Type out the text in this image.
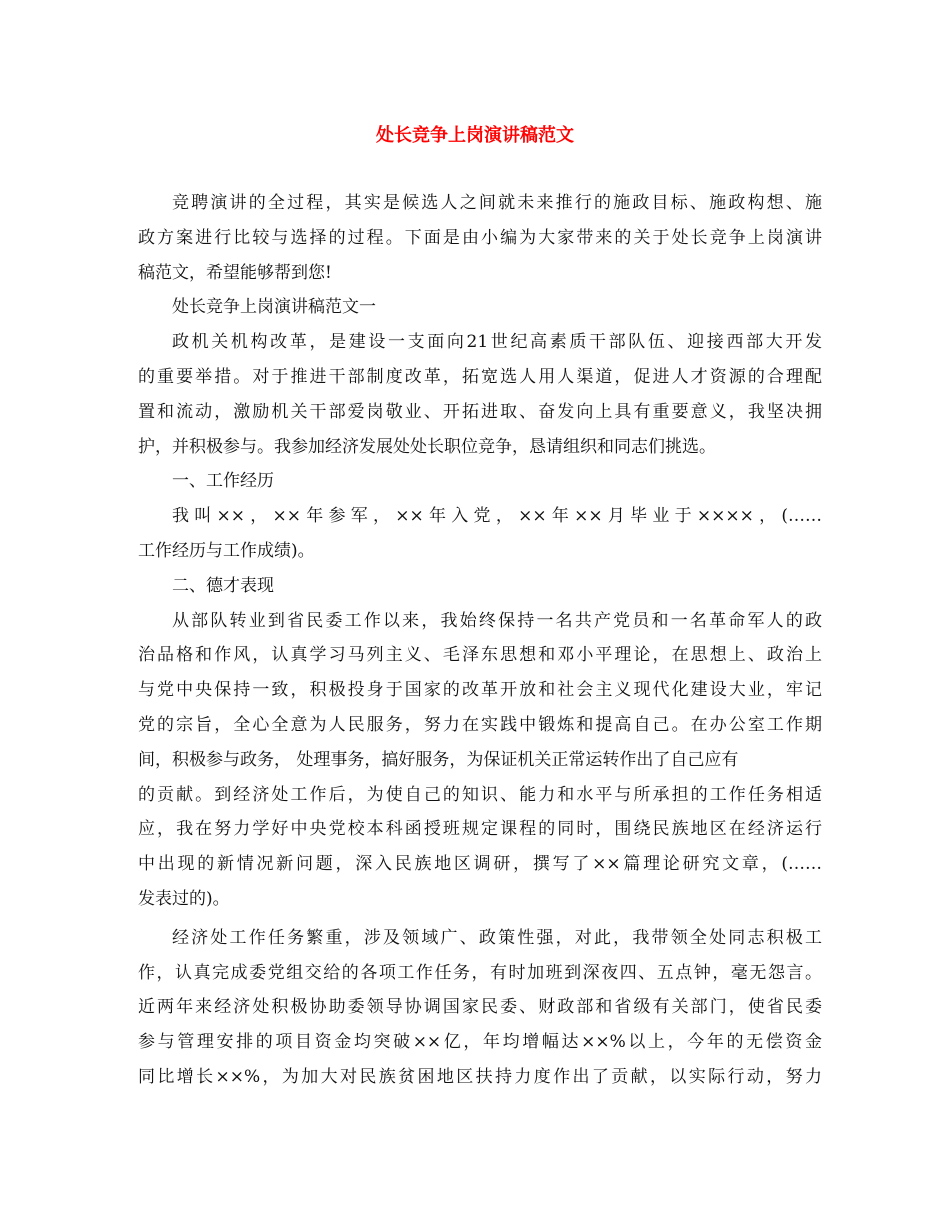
处长竞争上岗演讲稿范文
竞聘演讲的全过程，其实是候选人之间就未来推行的施政目标、施政构想、施
政方案进行比较与选择的过程。下面是由小编为大家带来的关于处长竞争上岗演讲
稿范文，希望能够帮到您!
处长竞争上岗演讲稿范文一
政机关机构改革，是建设一支面向21世纪高素质干部队伍、迎接西部大开发
的重要举措。对于推进干部制度改革，拓宽选人用人渠道，促进人才资源的合理配
置和流动，激励机关干部爱岗敬业、开拓进取、奋发向上具有重要意义，我坚决拥
护，并积极参与。我参加经济发展处处长职位竞争，恳请组织和同志们挑选。
一、工作经历
我叫××，××年参军，××年入党，××年××月毕业于××××，(……
工作经历与工作成绩)。
二、德才表现
从部队转业到省民委工作以来，我始终保持一名共产党员和一名革命军人的政
治品格和作风，认真学习马列主义、毛泽东思想和邓小平理论，在思想上、政治上
与党中央保持一致，积极投身于国家的改革开放和社会主义现代化建设大业，牢记
党的宗旨，全心全意为人民服务，努力在实践中锻炼和提高自己。在办公室工作期
间，积极参与政务， 处理事务，搞好服务，为保证机关正常运转作出了自己应有
的贡献。到经济处工作后，为使自己的知识、能力和水平与所承担的工作任务相适
应，我在努力学好中央党校本科函授班规定课程的同时，围绕民族地区在经济运行
中出现的新情况新问题，深入民族地区调研，撰写了××篇理论研究文章，(……
发表过的)。
经济处工作任务繁重，涉及领域广、政策性强，对此，我带领全处同志积极工
作，认真完成委党组交给的各项工作任务，有时加班到深夜四、五点钟，毫无怨言。
近两年来经济处积极协助委领导协调国家民委、财政部和省级有关部门，使省民委
参与管理安排的项目资金均突破××亿，年均增幅达××%以上，今年的无偿资金
同比增长××%，为加大对民族贫困地区扶持力度作出了贡献，以实际行动，努力
